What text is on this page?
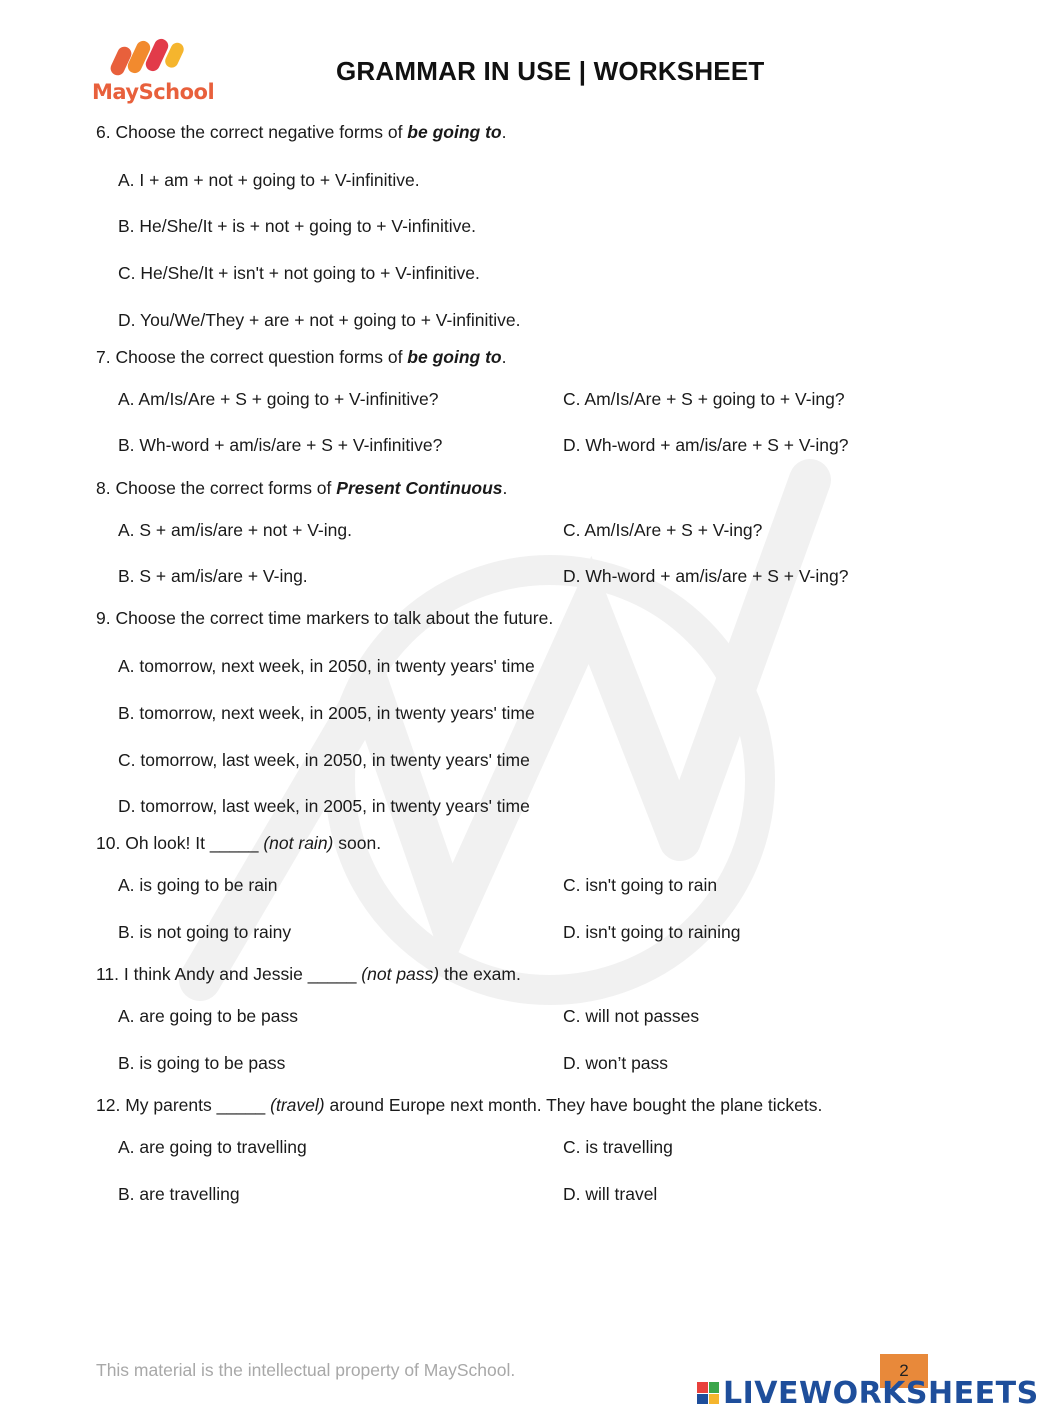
MaySchool
GRAMMAR IN USE | WORKSHEET
6. Choose the correct negative forms of be going to.
A. I + am + not + going to + V-infinitive.
B. He/She/It + is + not + going to + V-infinitive.
C. He/She/It + isn't + not going to + V-infinitive.
D. You/We/They + are + not + going to + V-infinitive.
7. Choose the correct question forms of be going to.
A. Am/Is/Are + S + going to + V-infinitive?
B. Wh-word + am/is/are + S + V-infinitive?
C. Am/Is/Are + S + going to + V-ing?
D. Wh-word + am/is/are + S + V-ing?
8. Choose the correct forms of Present Continuous.
A. S + am/is/are + not + V-ing.
B. S + am/is/are + V-ing.
C. Am/Is/Are + S + V-ing?
D. Wh-word + am/is/are + S + V-ing?
9. Choose the correct time markers to talk about the future.
A. tomorrow, next week, in 2050, in twenty years' time
B. tomorrow, next week, in 2005, in twenty years' time
C. tomorrow, last week, in 2050, in twenty years' time
D. tomorrow, last week, in 2005, in twenty years' time
10. Oh look! It _____ (not rain) soon.
A. is going to be rain
B. is not going to rainy
C. isn't going to rain
D. isn't going to raining
11. I think Andy and Jessie _____ (not pass) the exam.
A. are going to be pass
B. is going to be pass
C. will not passes
D. won’t pass
12. My parents _____ (travel) around Europe next month. They have bought the plane tickets.
A. are going to travelling
B. are travelling
C. is travelling
D. will travel
This material is the intellectual property of MaySchool.	2
LIVEWORKSHEETS
